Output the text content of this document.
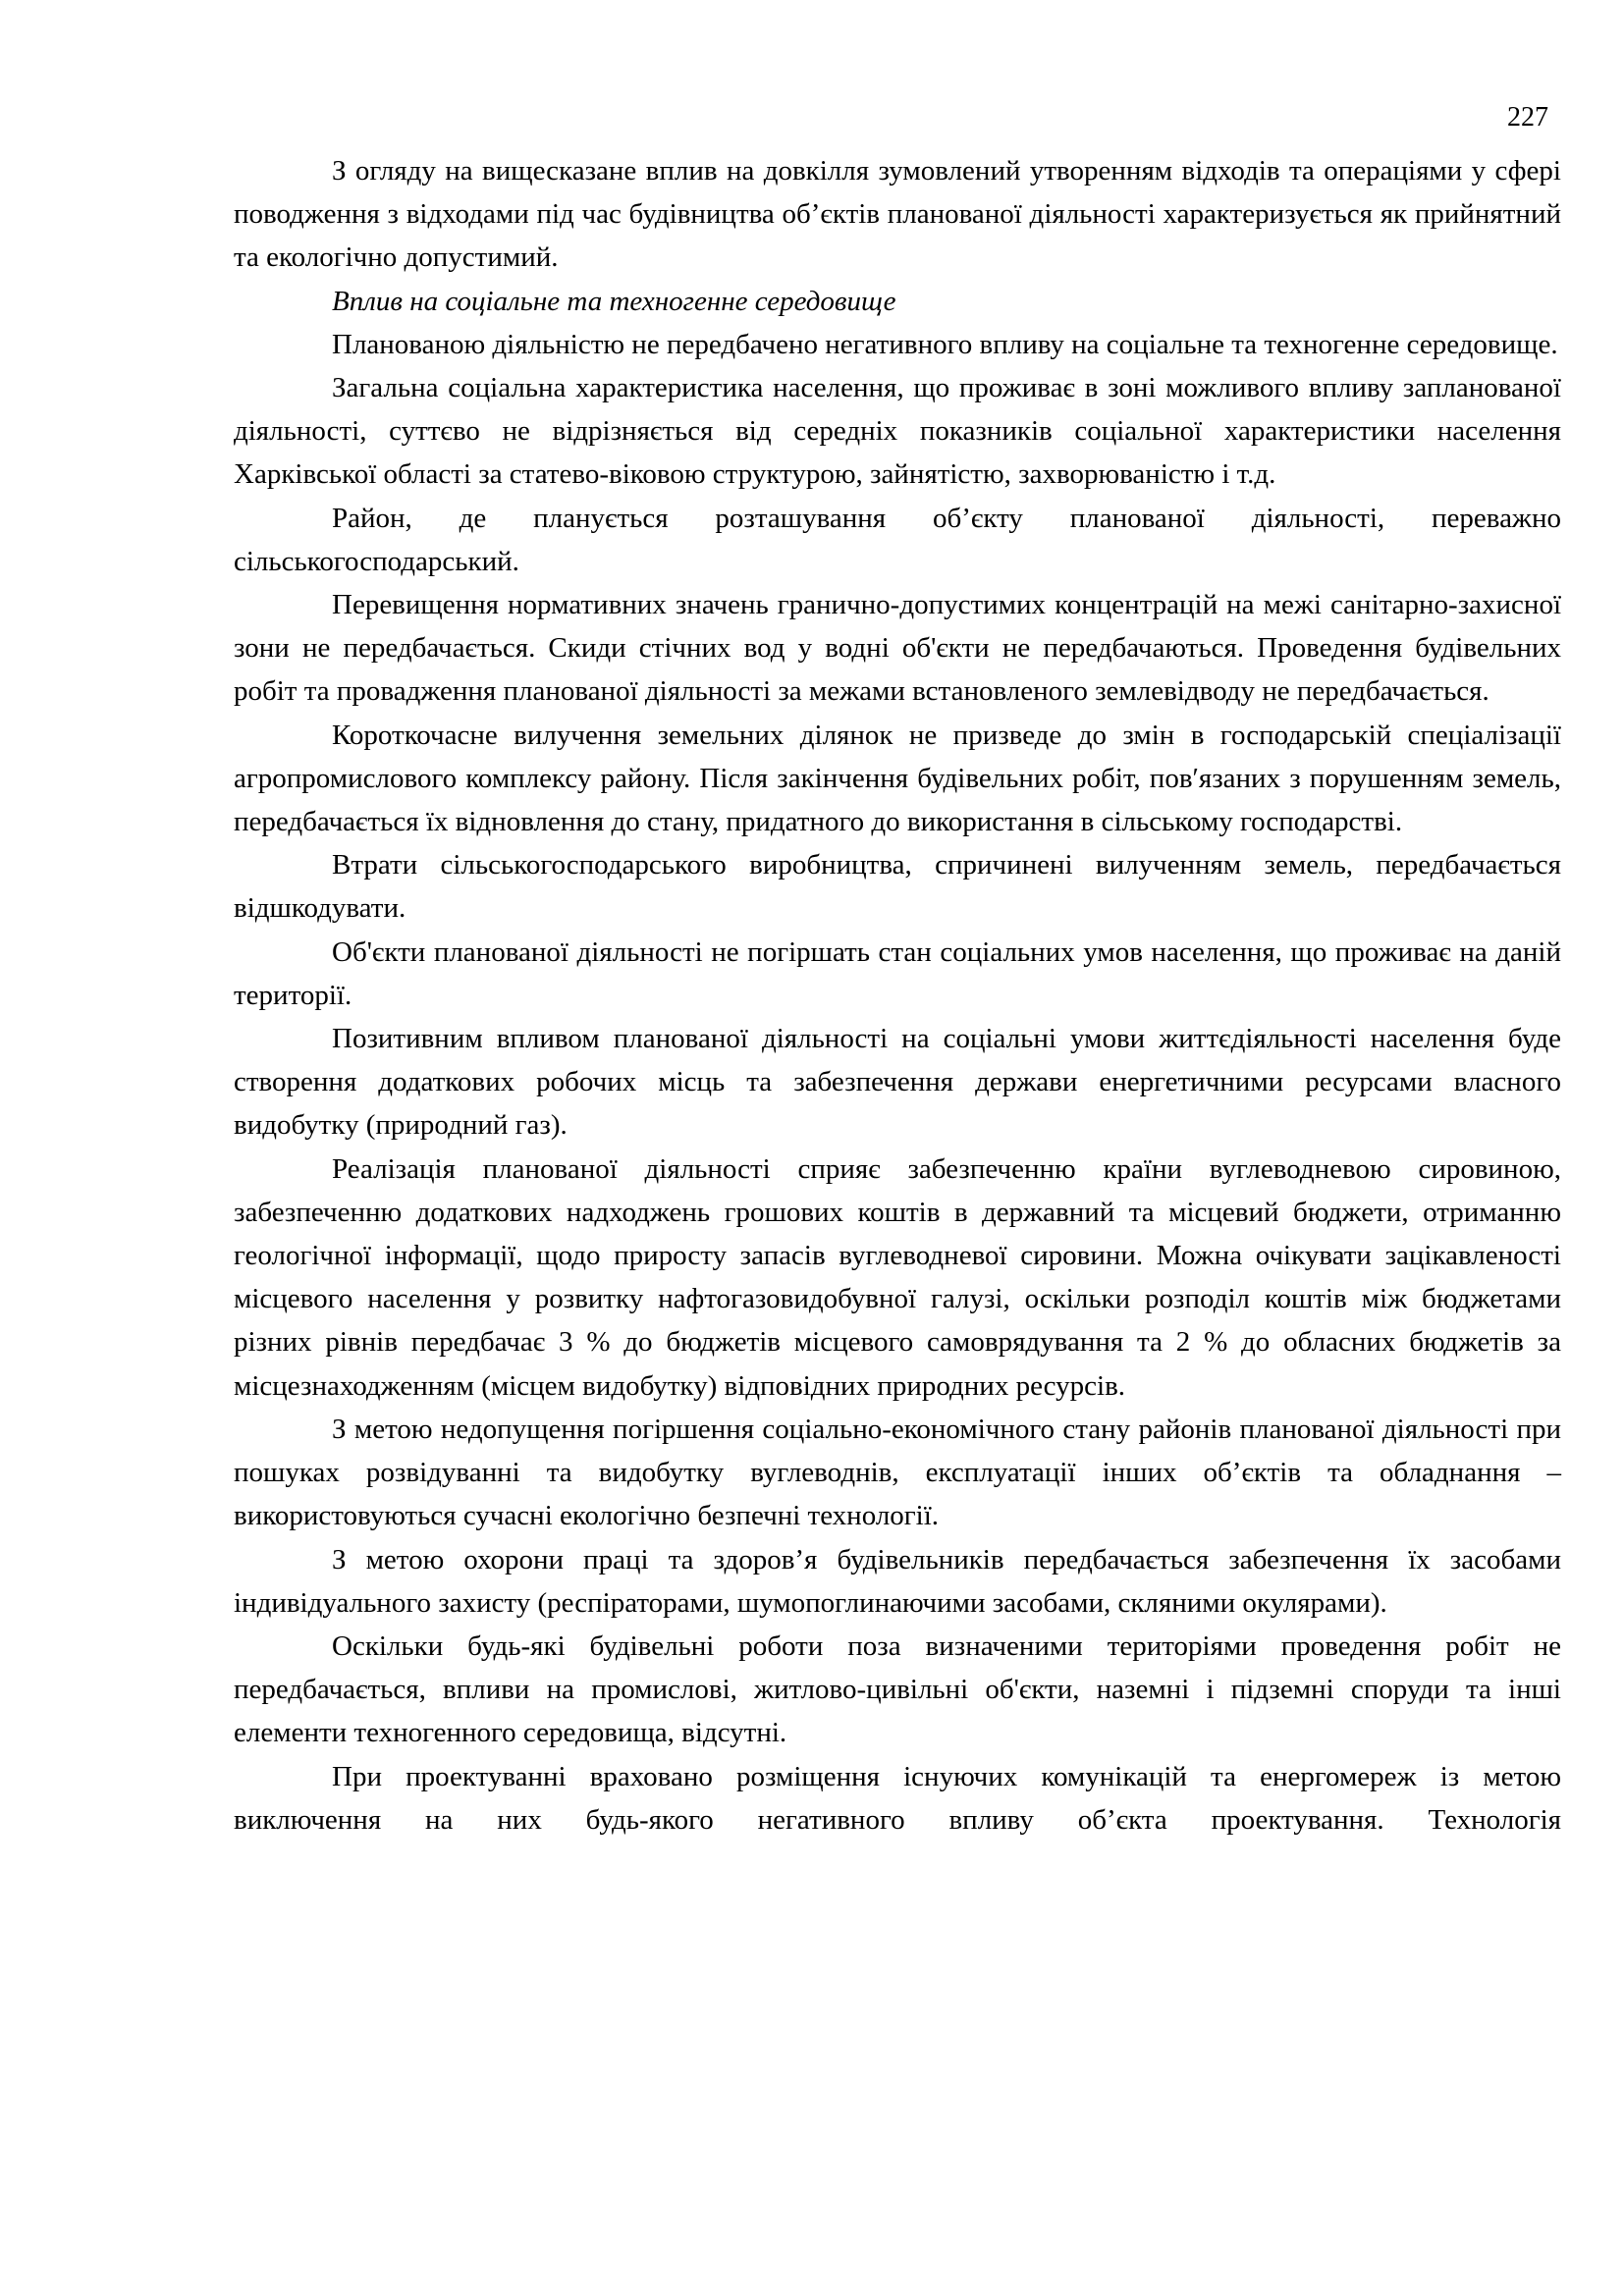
227

З огляду на вищесказане вплив на довкілля зумовлений утворенням відходів та операціями у сфері поводження з відходами під час будівництва об’єктів планованої діяльності характеризується як прийнятний та екологічно допустимий.

Вплив на соціальне та техногенне середовище

Планованою діяльністю не передбачено негативного впливу на соціальне та техногенне середовище.

Загальна соціальна характеристика населення, що проживає в зоні можливого впливу запланованої діяльності, суттєво не відрізняється від середніх показників соціальної характеристики населення Харківської області за статево-віковою структурою, зайнятістю, захворюваністю і т.д.

Район, де планується розташування об’єкту планованої діяльності, переважно сільськогосподарський.

Перевищення нормативних значень гранично-допустимих концентрацій на межі санітарно-захисної зони не передбачається. Скиди стічних вод у водні об'єкти не передбачаються. Проведення будівельних робіт та провадження планованої діяльності за межами встановленого землевідводу не передбачається.

Короткочасне вилучення земельних ділянок не призведе до змін в господарській спеціалізації агропромислового комплексу району. Після закінчення будівельних робіт, пов′язаних з порушенням земель, передбачається їх відновлення до стану, придатного до використання в сільському господарстві.

Втрати сільськогосподарського виробництва, спричинені вилученням земель, передбачається відшкодувати.

Об'єкти планованої діяльності не погіршать стан соціальних умов населення, що проживає на даній території.

Позитивним впливом планованої діяльності на соціальні умови життєдіяльності населення буде створення додаткових робочих місць та забезпечення держави енергетичними ресурсами власного видобутку (природний газ).

Реалізація планованої діяльності сприяє забезпеченню країни вуглеводневою сировиною, забезпеченню додаткових надходжень грошових коштів в державний та місцевий бюджети, отриманню геологічної інформації, щодо приросту запасів вуглеводневої сировини. Можна очікувати зацікавленості місцевого населення у розвитку нафтогазовидобувної галузі, оскільки розподіл коштів між бюджетами різних рівнів передбачає 3 % до бюджетів місцевого самоврядування та 2 % до обласних бюджетів за місцезнаходженням (місцем видобутку) відповідних природних ресурсів.

З метою недопущення погіршення соціально-економічного стану районів планованої діяльності при пошуках розвідуванні та видобутку вуглеводнів, експлуатації інших об’єктів та обладнання – використовуються сучасні екологічно безпечні технології.

З метою охорони праці та здоров’я будівельників передбачається забезпечення їх засобами індивідуального захисту (респіраторами, шумопоглинаючими засобами, скляними окулярами).

Оскільки будь-які будівельні роботи поза визначеними територіями проведення робіт не передбачається, впливи на промислові, житлово-цивільні об'єкти, наземні і підземні споруди та інші елементи техногенного середовища, відсутні.

При проектуванні враховано розміщення існуючих комунікацій та енергомереж із метою виключення на них будь-якого негативного впливу об’єкта проектування. Технологія
